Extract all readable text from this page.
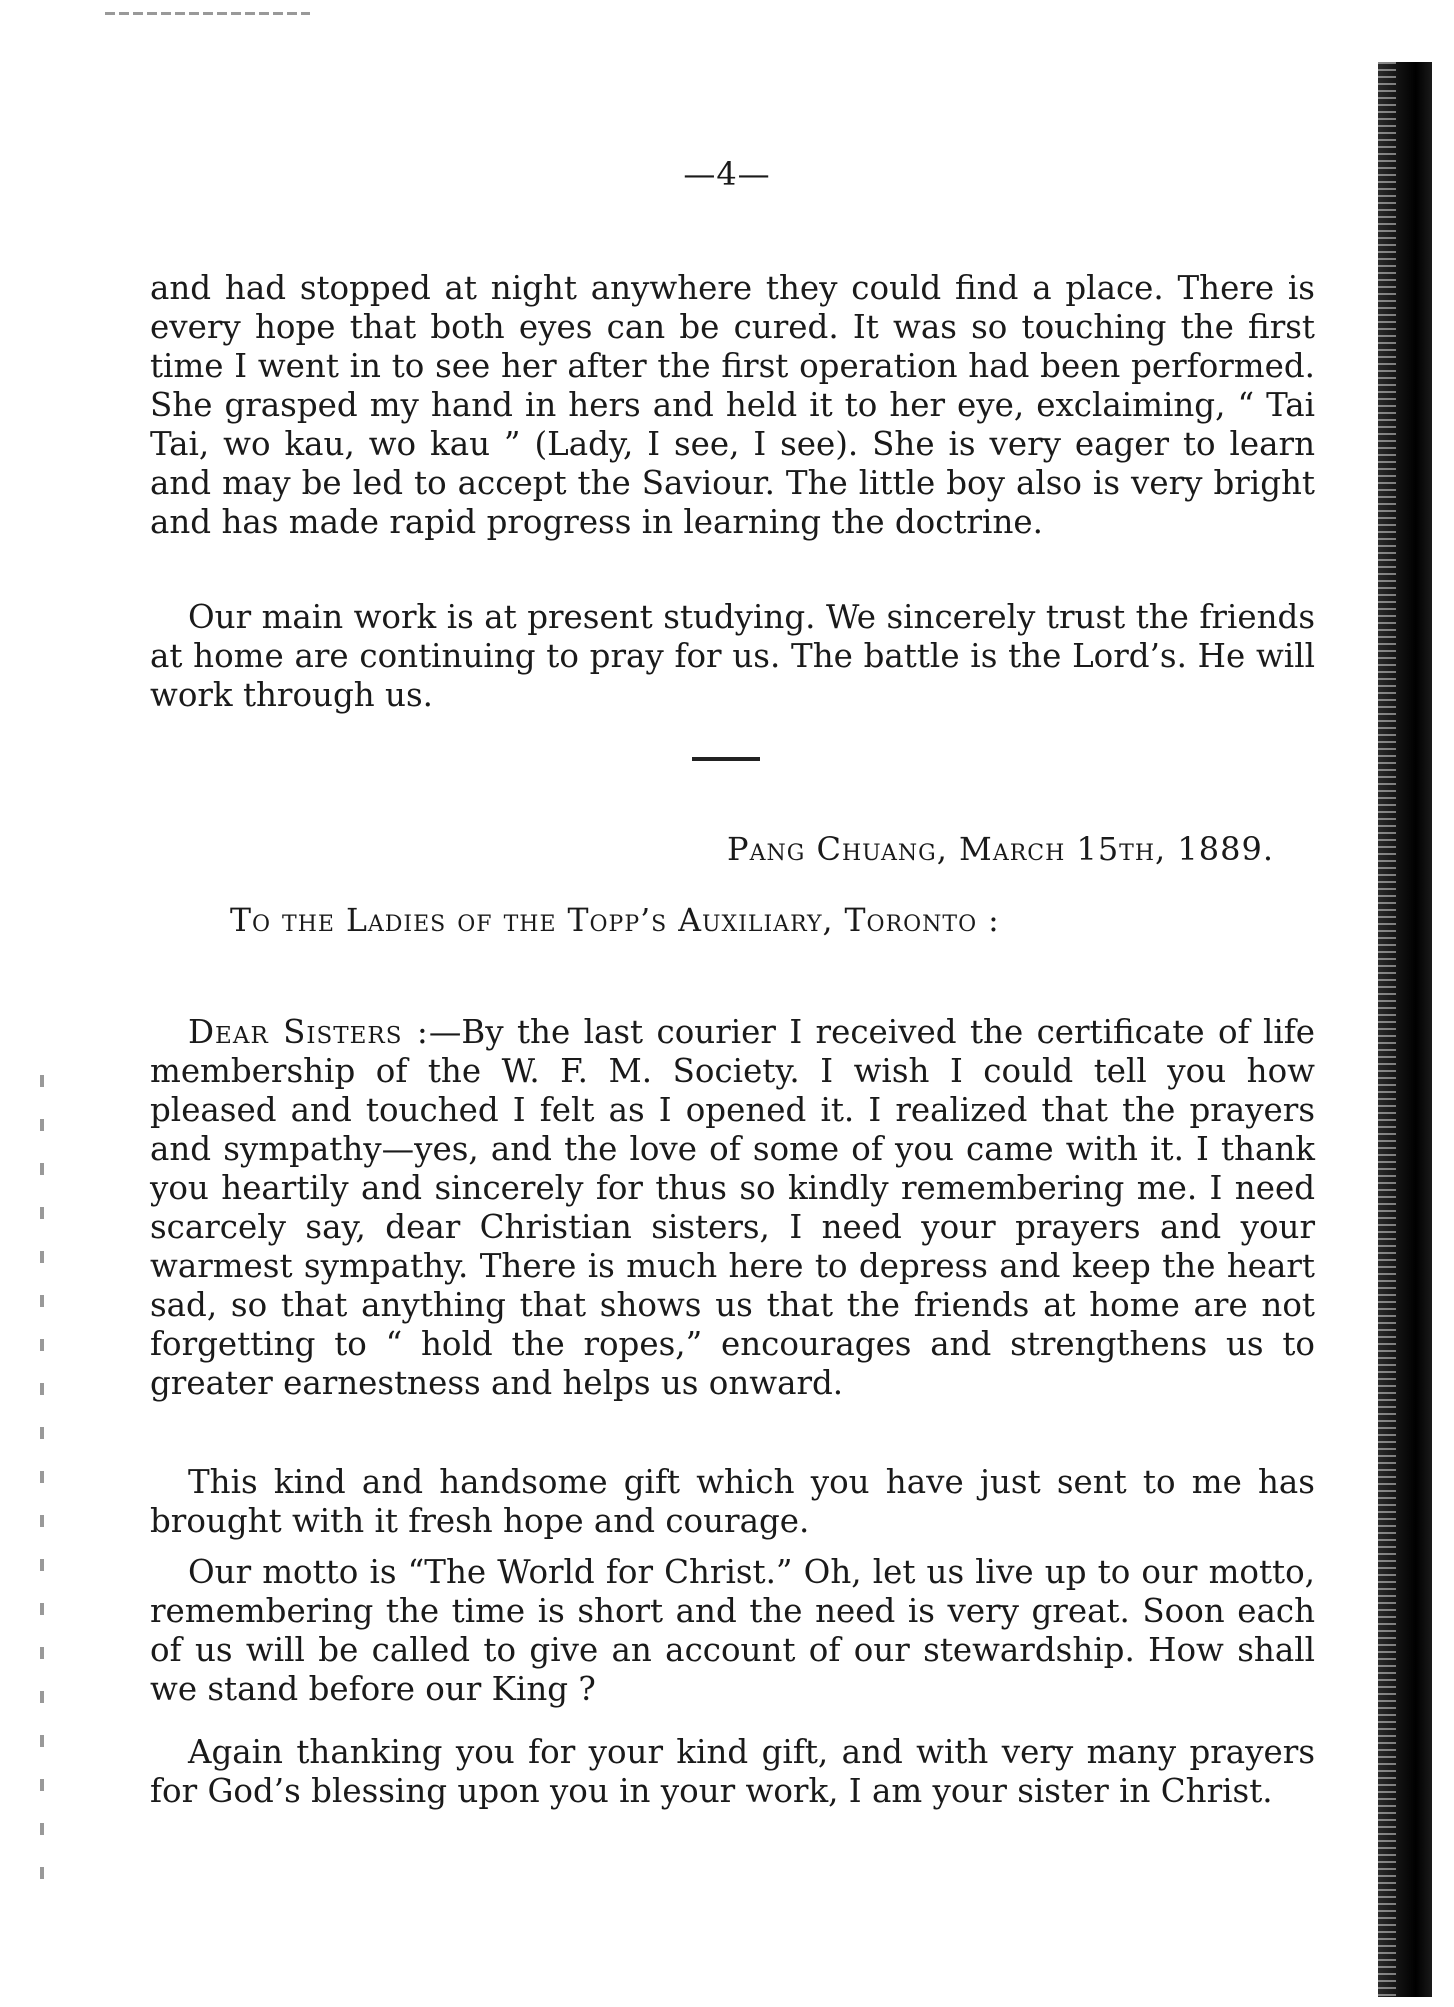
—4—

and had stopped at night anywhere they could find a place. There is every hope that both eyes can be cured. It was so touching the first time I went in to see her after the first operation had been performed. She grasped my hand in hers and held it to her eye, exclaiming, “ Tai Tai, wo kau, wo kau ” (Lady, I see, I see). She is very eager to learn and may be led to accept the Saviour. The little boy also is very bright and has made rapid progress in learning the doctrine.

Our main work is at present studying. We sincerely trust the friends at home are continuing to pray for us. The battle is the Lord’s. He will work through us.

Pang Chuang, March 15th, 1889.
To the Ladies of the Topp’s Auxiliary, Toronto :

Dear Sisters :—By the last courier I received the certificate of life membership of the W. F. M. Society. I wish I could tell you how pleased and touched I felt as I opened it. I realized that the prayers and sympathy—yes, and the love of some of you came with it. I thank you heartily and sincerely for thus so kindly remembering me. I need scarcely say, dear Christian sisters, I need your prayers and your warmest sympathy. There is much here to depress and keep the heart sad, so that anything that shows us that the friends at home are not forgetting to “ hold the ropes,” encourages and strengthens us to greater earnestness and helps us onward.

This kind and handsome gift which you have just sent to me has brought with it fresh hope and courage.

Our motto is “The World for Christ.” Oh, let us live up to our motto, remembering the time is short and the need is very great. Soon each of us will be called to give an account of our stewardship. How shall we stand before our King ?

Again thanking you for your kind gift, and with very many prayers for God’s blessing upon you in your work, I am your sister in Christ.
